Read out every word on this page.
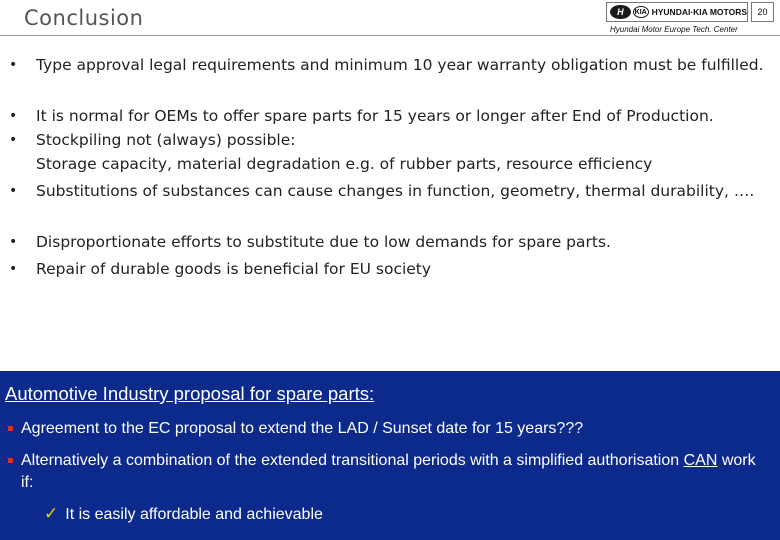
Conclusion	H	KIA HYUNDAI·KIA MOTORS	20
Hyundai Motor Europe Tech. Center
• Type approval legal requirements and minimum 10 year warranty obligation must be fulfilled.
• It is normal for OEMs to offer spare parts for 15 years or longer after End of Production.
• Stockpiling not (always) possible:
Storage capacity, material degradation e.g. of rubber parts, resource efficiency
• Substitutions of substances can cause changes in function, geometry, thermal durability, ….
• Disproportionate efforts to substitute due to low demands for spare parts.
• Repair of durable goods is beneficial for EU society
Automotive Industry proposal for spare parts:
Agreement to the EC proposal to extend the LAD / Sunset date for 15 years???
Alternatively a combination of the extended transitional periods with a simplified authorisation CAN work if:
✓ It is easily affordable and achievable
